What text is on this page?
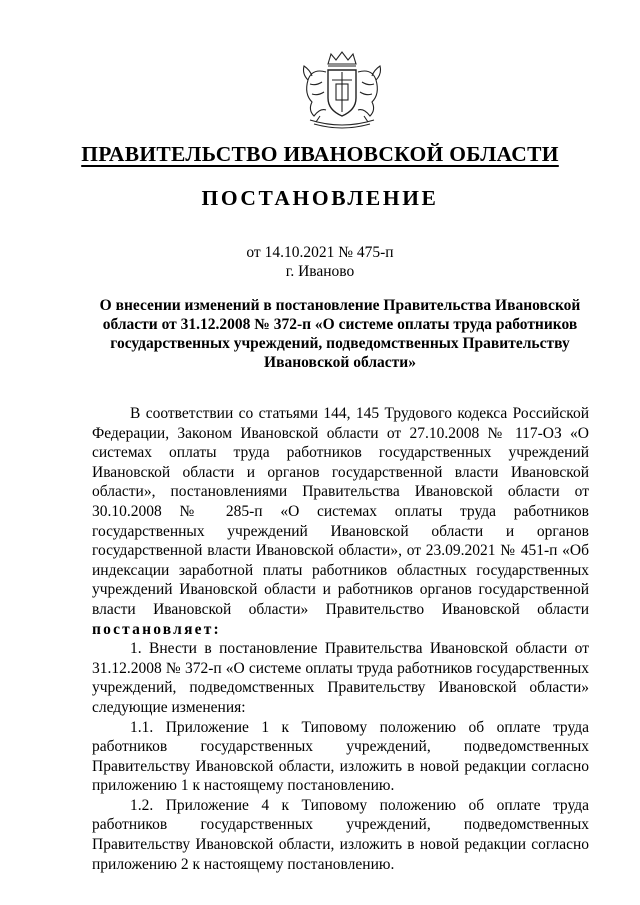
ПРАВИТЕЛЬСТВО ИВАНОВСКОЙ ОБЛАСТИ
ПОСТАНОВЛЕНИЕ
от 14.10.2021 № 475-п
г. Иваново
О внесении изменений в постановление Правительства Ивановской области от 31.12.2008 № 372-п «О системе оплаты труда работников государственных учреждений, подведомственных Правительству Ивановской области»

В соответствии со статьями 144, 145 Трудового кодекса Российской Федерации, Законом Ивановской области от 27.10.2008 № 117-ОЗ «О системах оплаты труда работников государственных учреждений Ивановской области и органов государственной власти Ивановской области», постановлениями Правительства Ивановской области от 30.10.2008 № 285-п «О системах оплаты труда работников государственных учреждений Ивановской области и органов государственной власти Ивановской области», от 23.09.2021 № 451-п «Об индексации заработной платы работников областных государственных учреждений Ивановской области и работников органов государственной власти Ивановской области» Правительство Ивановской области постановляет:

1. Внести в постановление Правительства Ивановской области от 31.12.2008 № 372-п «О системе оплаты труда работников государственных учреждений, подведомственных Правительству Ивановской области» следующие изменения:

1.1. Приложение 1 к Типовому положению об оплате труда работников государственных учреждений, подведомственных Правительству Ивановской области, изложить в новой редакции согласно приложению 1 к настоящему постановлению.

1.2. Приложение 4 к Типовому положению об оплате труда работников государственных учреждений, подведомственных Правительству Ивановской области, изложить в новой редакции согласно приложению 2 к настоящему постановлению.
